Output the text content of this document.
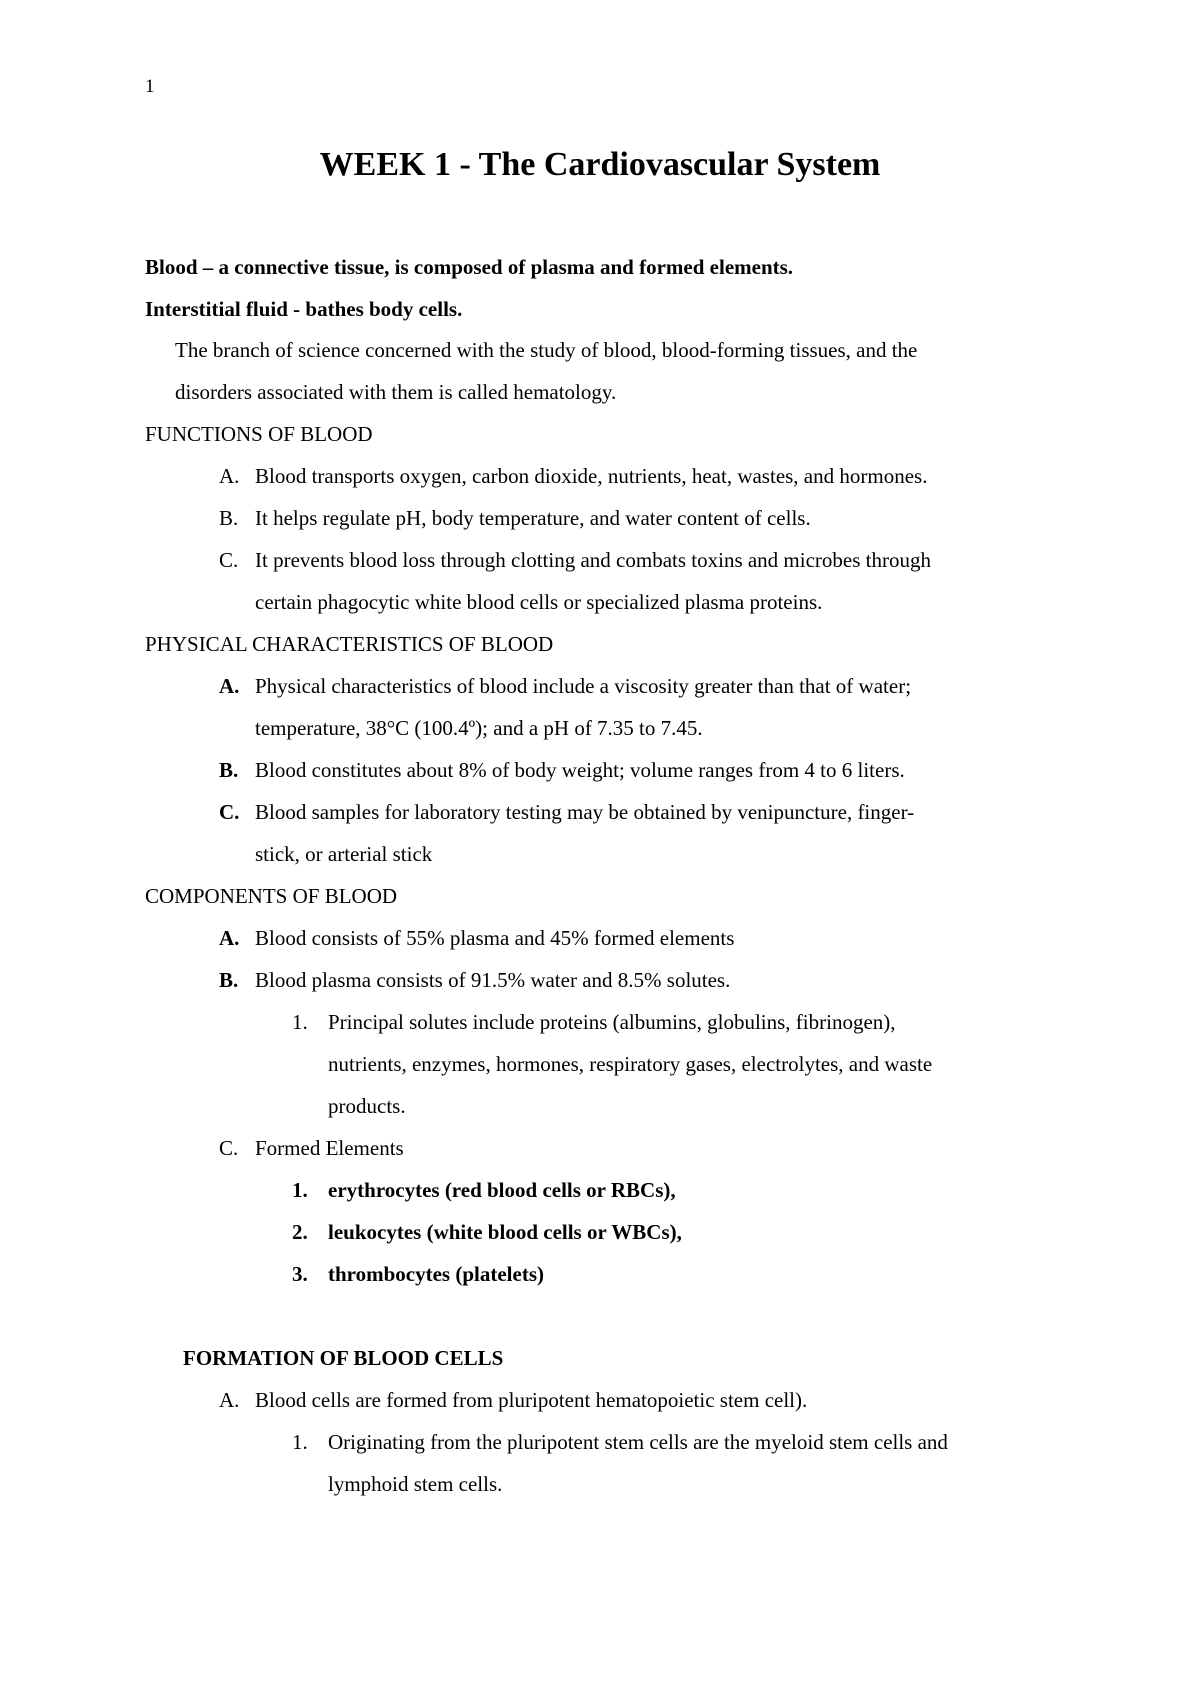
1
WEEK 1 - The Cardiovascular System
Blood – a connective tissue, is composed of plasma and formed elements.
Interstitial fluid - bathes body cells.
The branch of science concerned with the study of blood, blood-forming tissues, and the
disorders associated with them is called hematology.
FUNCTIONS OF BLOOD
A. Blood transports oxygen, carbon dioxide, nutrients, heat, wastes, and hormones.
B. It helps regulate pH, body temperature, and water content of cells.
C. It prevents blood loss through clotting and combats toxins and microbes through
certain phagocytic white blood cells or specialized plasma proteins.
PHYSICAL CHARACTERISTICS OF BLOOD
A. Physical characteristics of blood include a viscosity greater than that of water;
temperature, 38°C (100.4º); and a pH of 7.35 to 7.45.
B. Blood constitutes about 8% of body weight; volume ranges from 4 to 6 liters.
C. Blood samples for laboratory testing may be obtained by venipuncture, finger-
stick, or arterial stick
COMPONENTS OF BLOOD
A. Blood consists of 55% plasma and 45% formed elements
B. Blood plasma consists of 91.5% water and 8.5% solutes.
1. Principal solutes include proteins (albumins, globulins, fibrinogen),
nutrients, enzymes, hormones, respiratory gases, electrolytes, and waste
products.
C. Formed Elements
1. erythrocytes (red blood cells or RBCs),
2. leukocytes (white blood cells or WBCs),
3. thrombocytes (platelets)
FORMATION OF BLOOD CELLS
A. Blood cells are formed from pluripotent hematopoietic stem cell).
1. Originating from the pluripotent stem cells are the myeloid stem cells and
lymphoid stem cells.
